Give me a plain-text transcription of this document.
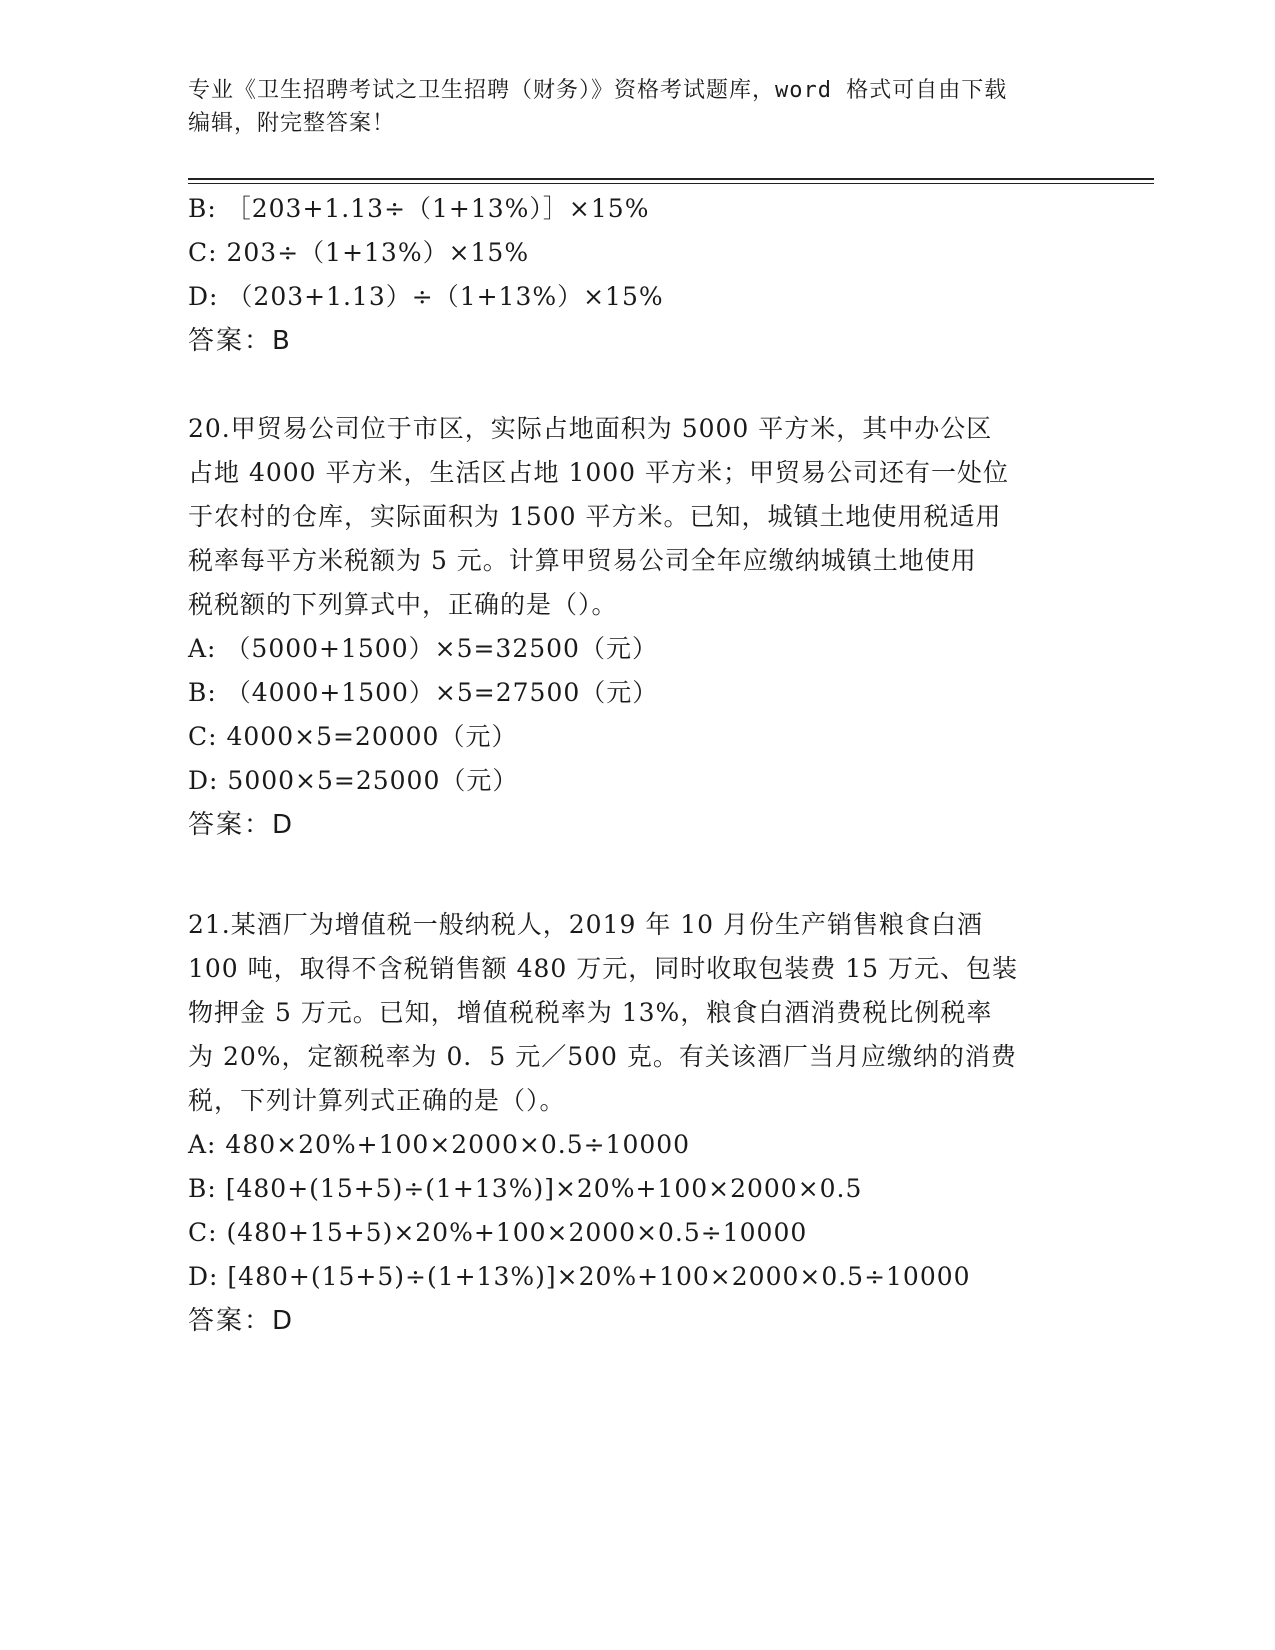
专业《卫生招聘考试之卫生招聘（财务）》资格考试题库，word 格式可自由下载
编辑，附完整答案！
B: ［203+1.13÷（1+13%）］×15%
C: 203÷（1+13%）×15%
D: （203+1.13）÷（1+13%）×15%
答案：B
20.甲贸易公司位于市区，实际占地面积为 5000 平方米，其中办公区
占地 4000 平方米，生活区占地 1000 平方米；甲贸易公司还有一处位
于农村的仓库，实际面积为 1500 平方米。已知，城镇土地使用税适用
税率每平方米税额为 5 元。计算甲贸易公司全年应缴纳城镇土地使用
税税额的下列算式中，正确的是（）。
A: （5000+1500）×5=32500（元）
B: （4000+1500）×5=27500（元）
C: 4000×5=20000（元）
D: 5000×5=25000（元）
答案：D
21.某酒厂为增值税一般纳税人，2019 年 10 月份生产销售粮食白酒
100 吨，取得不含税销售额 480 万元，同时收取包装费 15 万元、包装
物押金 5 万元。已知，增值税税率为 13%，粮食白酒消费税比例税率
为 20%，定额税率为 0．5 元／500 克。有关该酒厂当月应缴纳的消费
税，下列计算列式正确的是（）。
A: 480×20%+100×2000×0.5÷10000
B: [480+(15+5)÷(1+13%)]×20%+100×2000×0.5
C: (480+15+5)×20%+100×2000×0.5÷10000
D: [480+(15+5)÷(1+13%)]×20%+100×2000×0.5÷10000
答案：D
